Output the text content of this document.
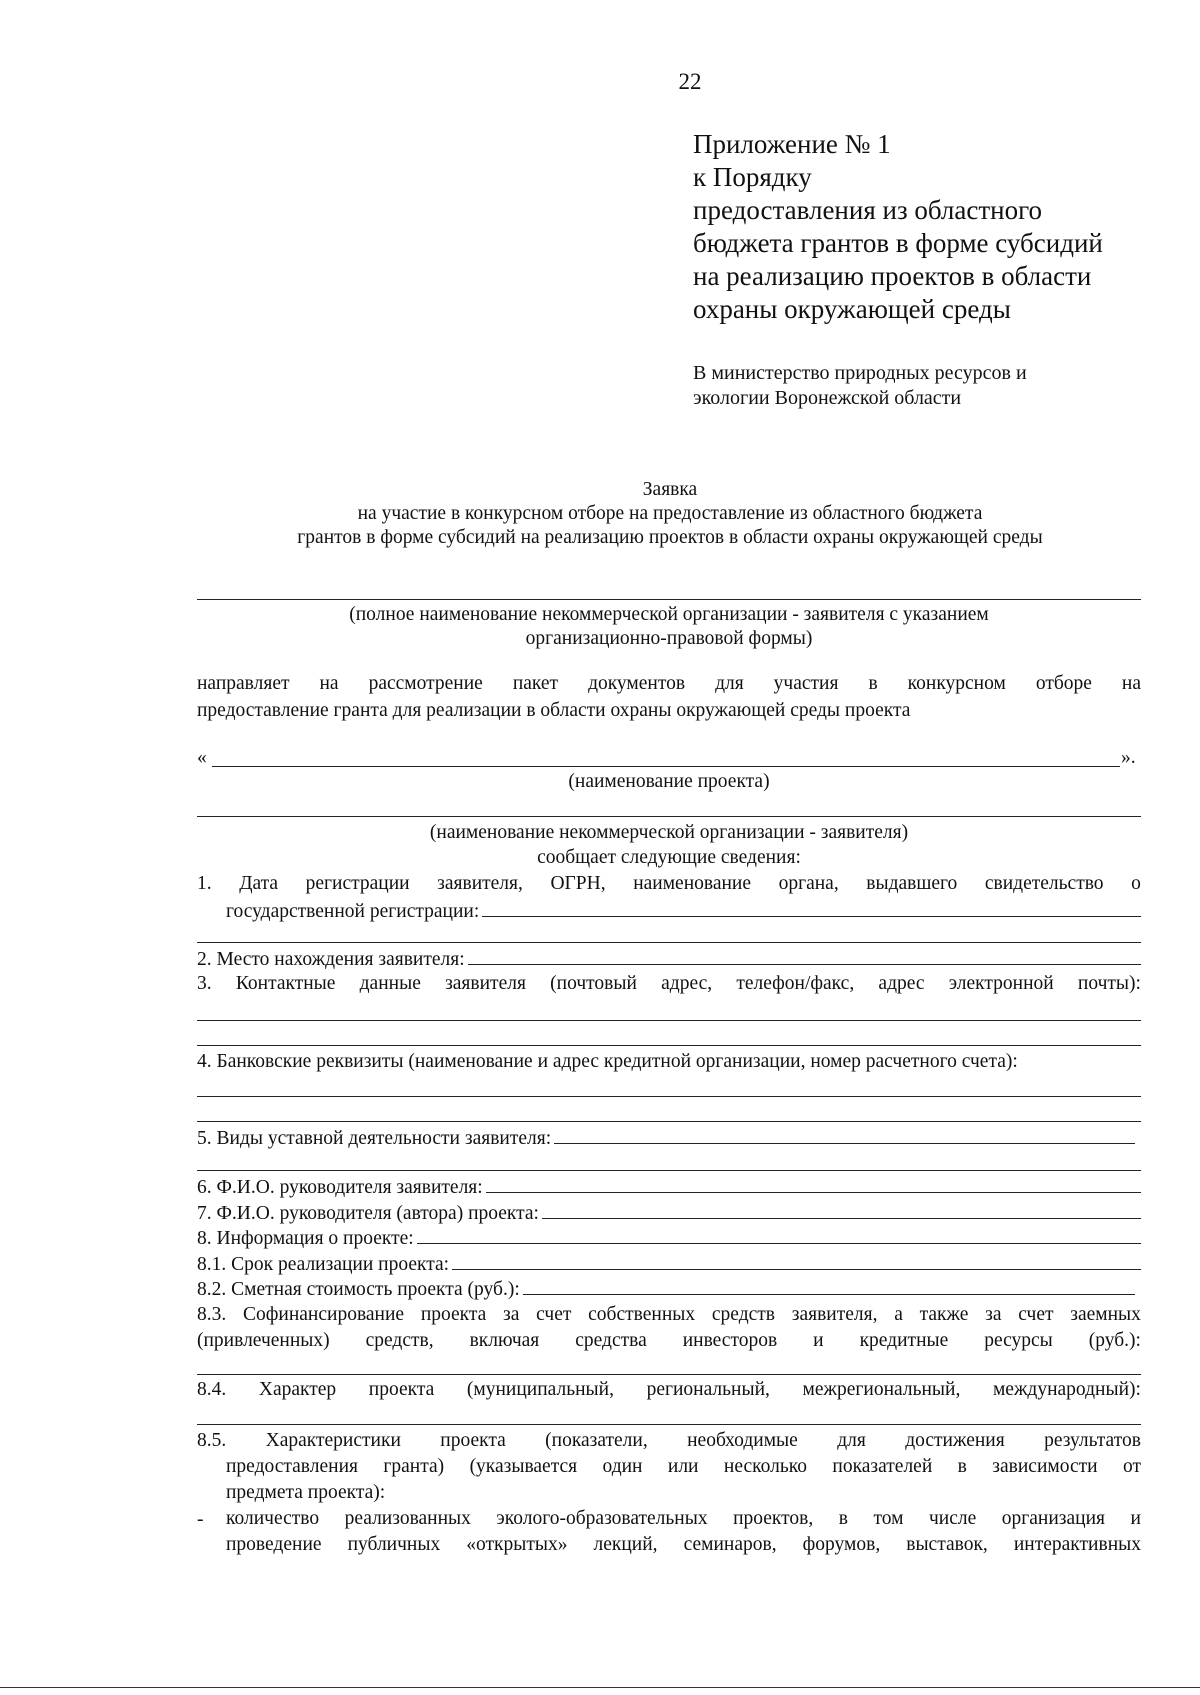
22
Приложение № 1
к Порядку
предоставления из областного
бюджета грантов в форме субсидий
на реализацию проектов в области
охраны окружающей среды
В министерство природных ресурсов и
экологии Воронежской области
Заявка
на участие в конкурсном отборе на предоставление из областного бюджета
грантов в форме субсидий на реализацию проектов в области охраны окружающей среды
(полное наименование некоммерческой организации - заявителя с указанием
организационно-правовой формы)
направляет на рассмотрение пакет документов для участия в конкурсном отборе на
предоставление гранта для реализации в области охраны окружающей среды проекта
«	».
(наименование проекта)
(наименование некоммерческой организации - заявителя)
сообщает следующие сведения:
1. Дата регистрации заявителя, ОГРН, наименование органа, выдавшего свидетельство о
государственной регистрации:
2. Место нахождения заявителя:
3. Контактные данные заявителя (почтовый адрес, телефон/факс, адрес электронной почты):
4. Банковские реквизиты (наименование и адрес кредитной организации, номер расчетного счета):
5. Виды уставной деятельности заявителя:
6. Ф.И.О. руководителя заявителя:
7. Ф.И.О. руководителя (автора) проекта:
8. Информация о проекте:
8.1. Срок реализации проекта:
8.2. Сметная стоимость проекта (руб.):
8.3. Софинансирование проекта за счет собственных средств заявителя, а также за счет заемных
(привлеченных) средств, включая средства инвесторов и кредитные ресурсы (руб.):
8.4. Характер проекта (муниципальный, региональный, межрегиональный, международный):
8.5. Характеристики проекта (показатели, необходимые для достижения результатов
предоставления гранта) (указывается один или несколько показателей в зависимости от
предмета проекта):
- количество реализованных эколого-образовательных проектов, в том числе организация и
проведение публичных «открытых» лекций, семинаров, форумов, выставок, интерактивных
